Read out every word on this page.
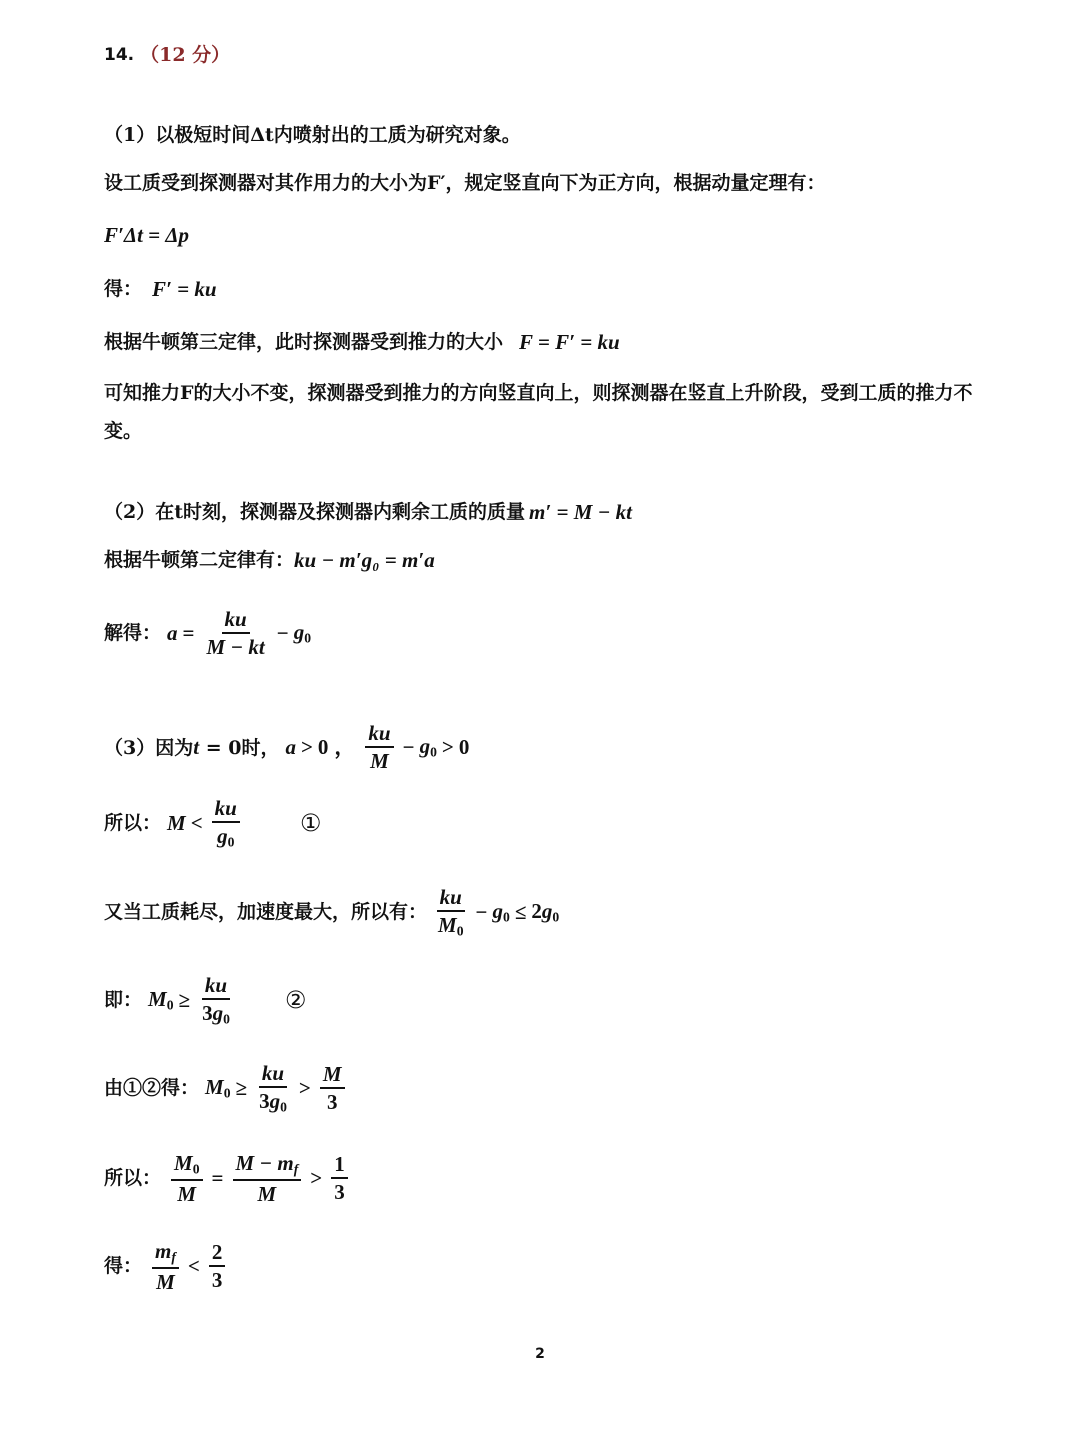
14. （12 分）
（1）以极短时间Δt内喷射出的工质为研究对象。
设工质受到探测器对其作用力的大小为F′，规定竖直向下为正方向，根据动量定理有：
F′Δt = Δp
得： F′ = ku
根据牛顿第三定律，此时探测器受到推力的大小 F = F′ = ku
可知推力F的大小不变，探测器受到推力的方向竖直向上，则探测器在竖直上升阶段，受到工质的推力不
变。
（2）在t时刻，探测器及探测器内剩余工质的质量 m′ = M − kt
根据牛顿第二定律有： ku − m′g₀ = m′a
解得： $a = \frac{ku}{M - kt} - g_0$
（3）因为t = 0时， a > 0 ， $\frac{ku}{M} - g_0 > 0$
所以： $M < \frac{ku}{g_0}$	①
又当工质耗尽，加速度最大，所以有： $\frac{ku}{M_0} - g_0 \le 2g_0$
即： $M_0 \ge \frac{ku}{3g_0}$ ②
由①②得： $M_0 \ge \frac{ku}{3g_0} > \frac{M}{3}$
所以： $\frac{M_0}{M} = \frac{M - m_f}{M} > \frac{1}{3}$
得： $\frac{m_f}{M} < \frac{2}{3}$
2
